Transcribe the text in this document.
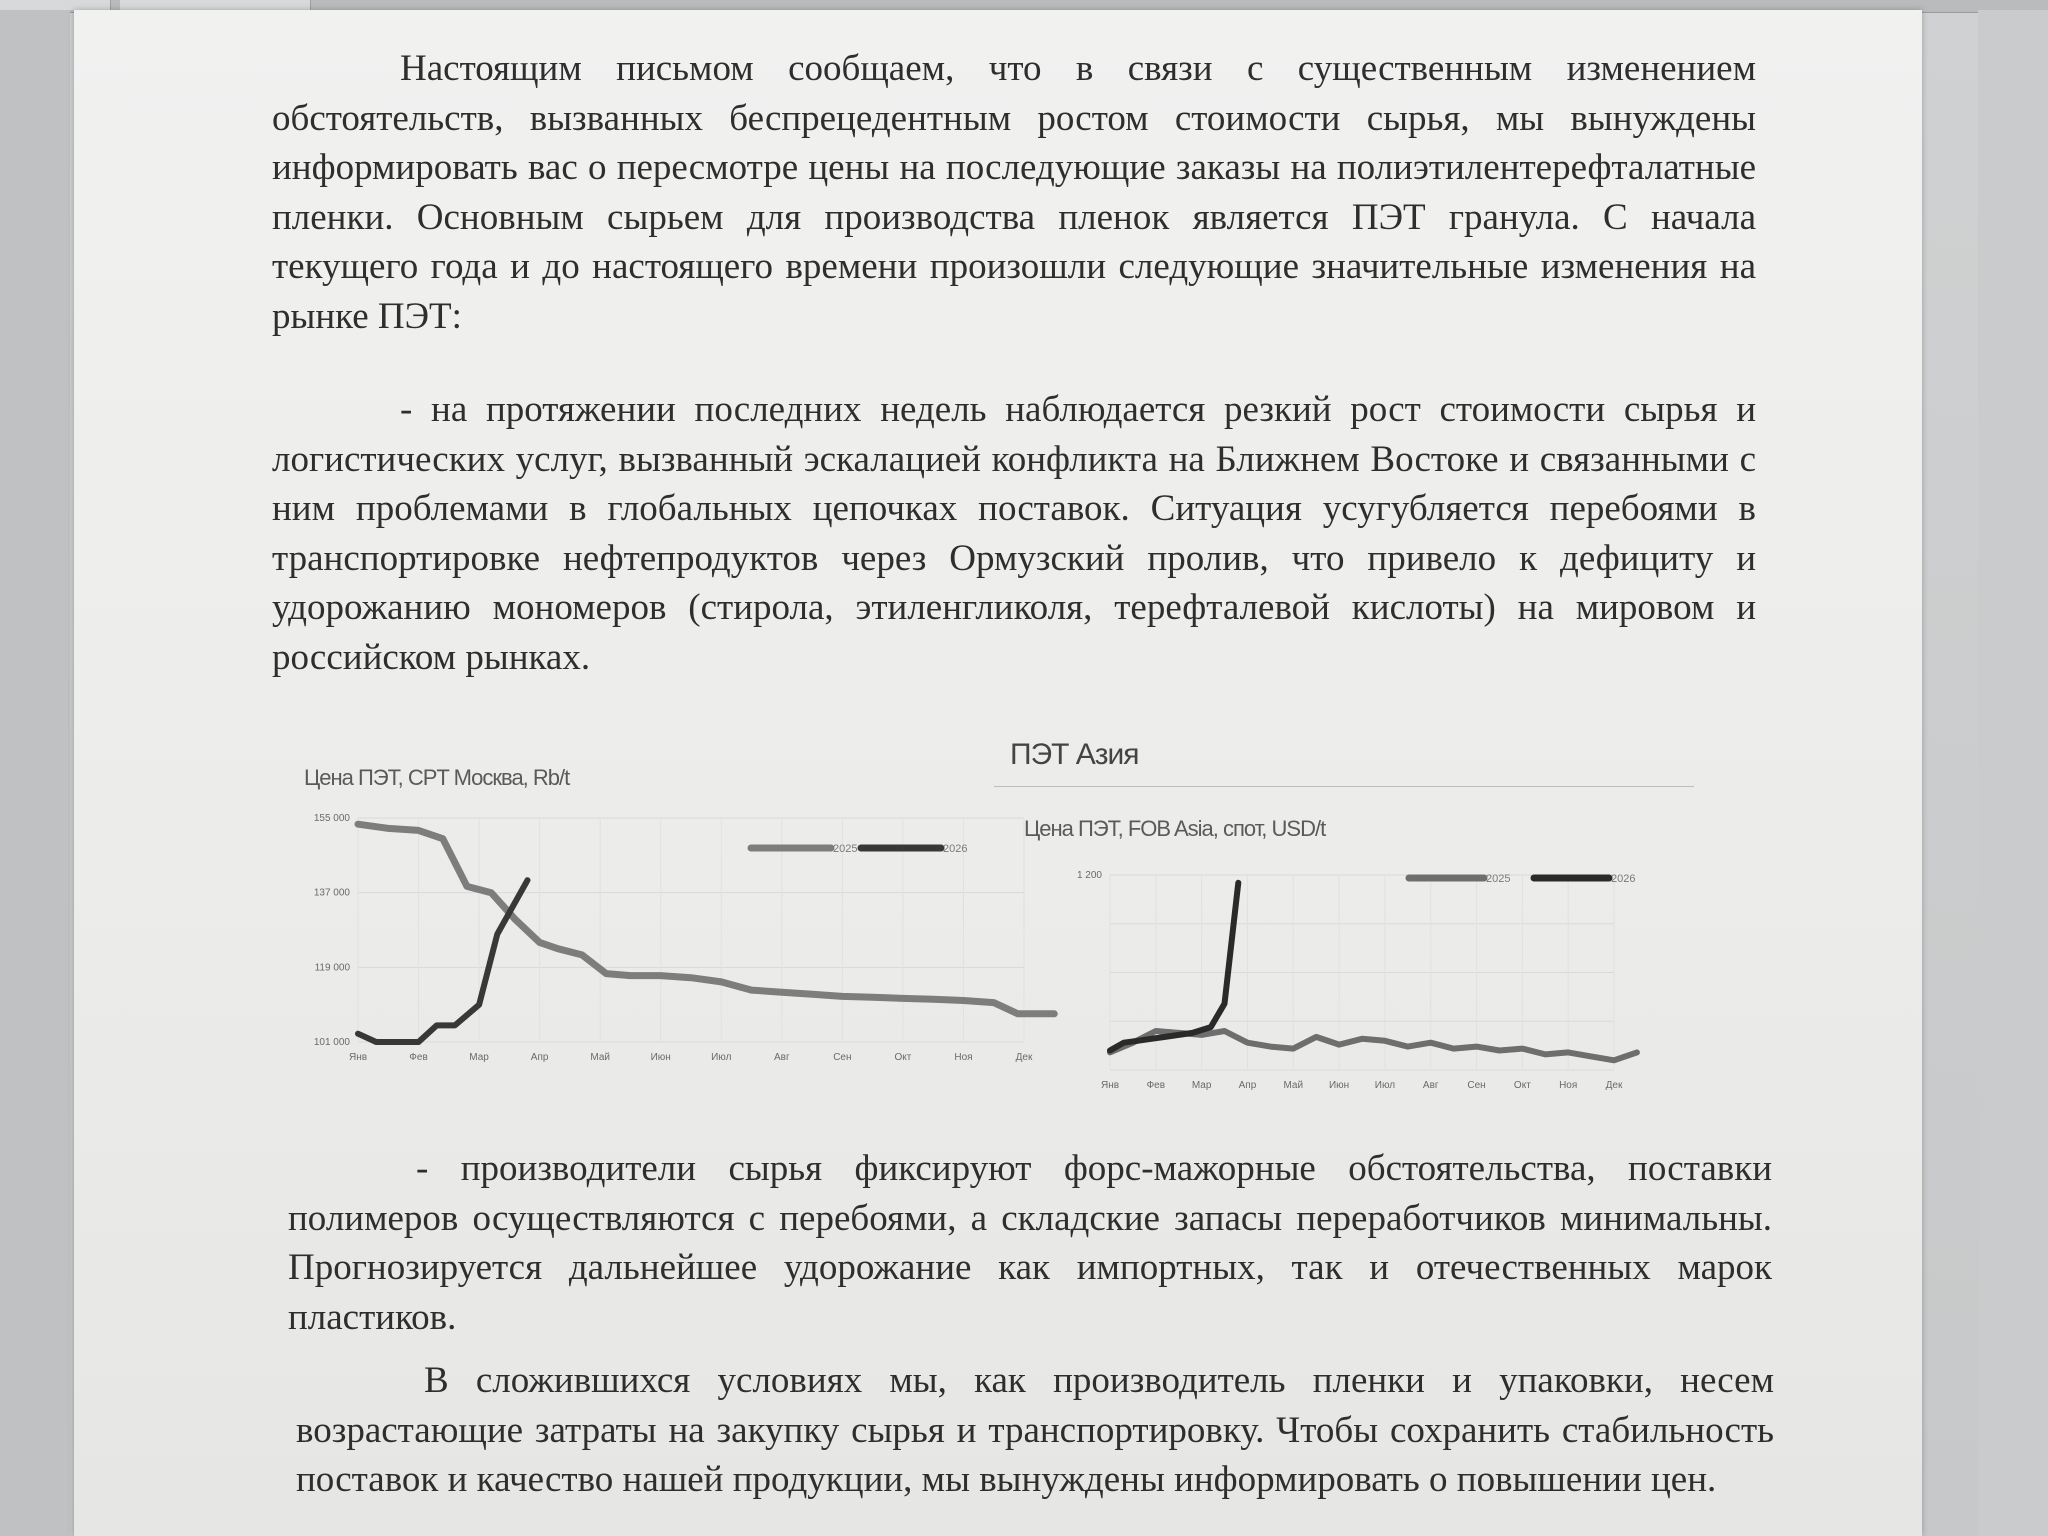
Настоящим письмом сообщаем, что в связи с существенным изменением обстоятельств, вызванных беспрецедентным ростом стоимости сырья, мы вынуждены информировать вас о пересмотре цены на последующие заказы на полиэтилентерефталатные пленки. Основным сырьем для производства пленок является ПЭТ гранула. С начала текущего года и до настоящего времени произошли следующие значительные изменения на рынке ПЭТ:
- на протяжении последних недель наблюдается резкий рост стоимости сырья и логистических услуг, вызванный эскалацией конфликта на Ближнем Востоке и связанными с ним проблемами в глобальных цепочках поставок. Ситуация усугубляется перебоями в транспортировке нефтепродуктов через Ормузский пролив, что привело к дефициту и удорожанию мономеров (стирола, этиленгликоля, терефталевой кислоты) на мировом и российском рынках.
Цена ПЭТ, CPT Москва, Rb/t
101 000
119 000
137 000
155 000
Янв	Фев	Мар	Апр	Май	Июн	Июл	Авг	Сен	Окт	Ноя	Дек
2025	2026
ПЭТ Азия
Цена ПЭТ, FOB Asia, спот, USD/t
1 200
Янв	Фев	Мар	Апр	Май	Июн	Июл	Авг	Сен	Окт	Ноя	Дек
2025	2026
- производители сырья фиксируют форс-мажорные обстоятельства, поставки полимеров осуществляются с перебоями, а складские запасы переработчиков минимальны. Прогнозируется дальнейшее удорожание как импортных, так и отечественных марок пластиков.
В сложившихся условиях мы, как производитель пленки и упаковки, несем возрастающие затраты на закупку сырья и транспортировку. Чтобы сохранить стабильность поставок и качество нашей продукции, мы вынуждены информировать о повышении цен.
